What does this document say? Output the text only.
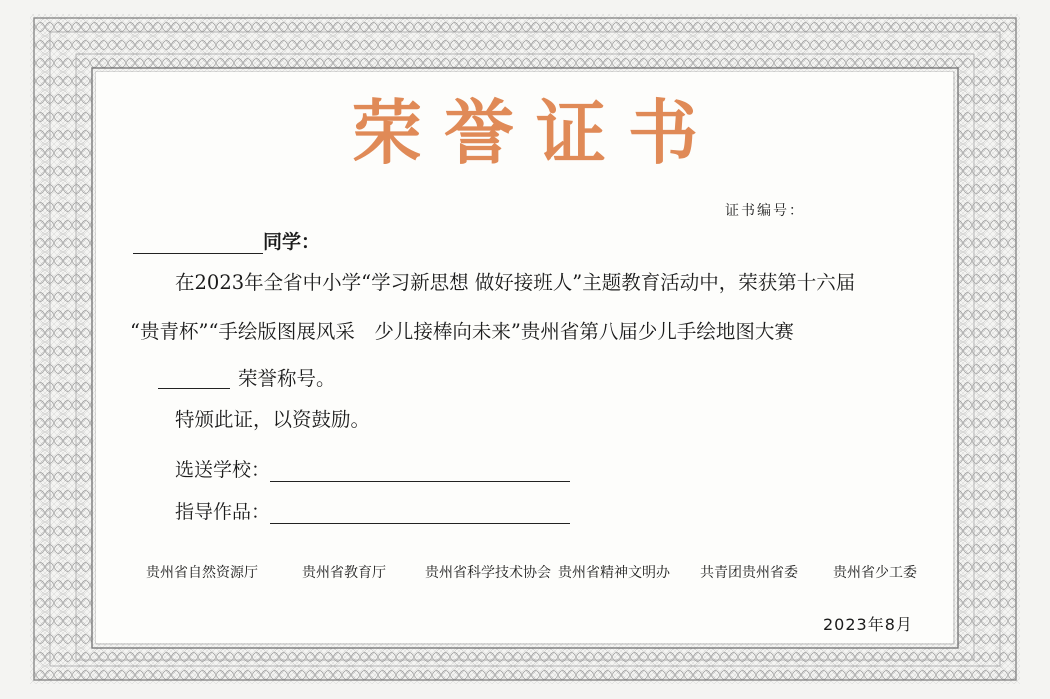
荣誉证书
证书编号：
同学：
在2023年全省中小学“学习新思想 做好接班人”主题教育活动中，荣获第十六届
“贵青杯”“手绘版图展风采　少儿接棒向未来”贵州省第八届少儿手绘地图大赛
荣誉称号。
特颁此证，以资鼓励。
选送学校：
指导作品：
贵州省自然资源厅	贵州省教育厅	贵州省科学技术协会 贵州省精神文明办 共青团贵州省委	贵州省少工委
2023年8月
